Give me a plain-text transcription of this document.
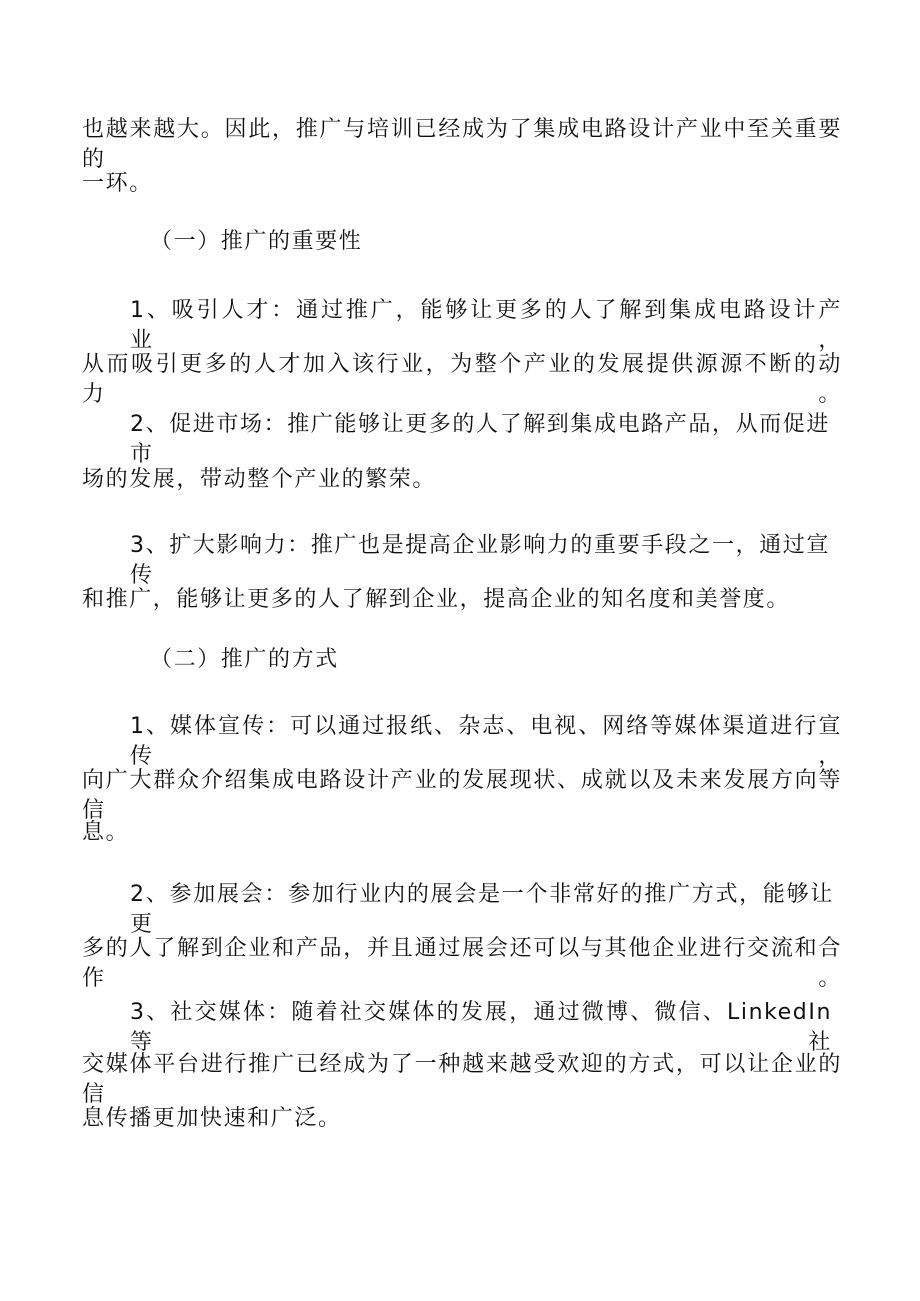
也越来越大。因此，推广与培训已经成为了集成电路设计产业中至关重要的
一环。
（一）推广的重要性
1、吸引人才：通过推广，能够让更多的人了解到集成电路设计产业，
从而吸引更多的人才加入该行业，为整个产业的发展提供源源不断的动力。
2、促进市场：推广能够让更多的人了解到集成电路产品，从而促进市
场的发展，带动整个产业的繁荣。
3、扩大影响力：推广也是提高企业影响力的重要手段之一，通过宣传
和推广，能够让更多的人了解到企业，提高企业的知名度和美誉度。
（二）推广的方式
1、媒体宣传：可以通过报纸、杂志、电视、网络等媒体渠道进行宣传，
向广大群众介绍集成电路设计产业的发展现状、成就以及未来发展方向等信
息。
2、参加展会：参加行业内的展会是一个非常好的推广方式，能够让更
多的人了解到企业和产品，并且通过展会还可以与其他企业进行交流和合作。
3、社交媒体：随着社交媒体的发展，通过微博、微信、LinkedIn 等社
交媒体平台进行推广已经成为了一种越来越受欢迎的方式，可以让企业的信
息传播更加快速和广泛。
